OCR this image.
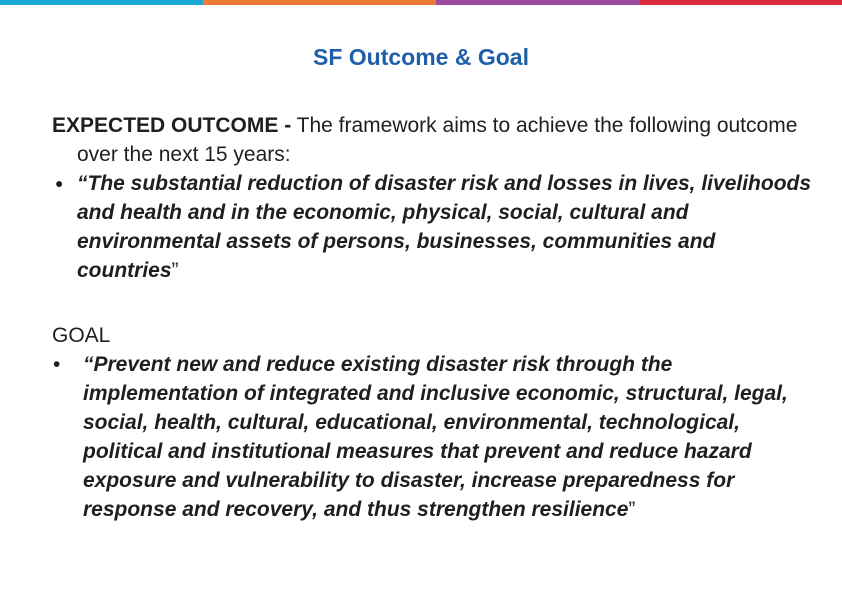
SF Outcome & Goal

EXPECTED OUTCOME - The framework aims to achieve the following outcome over the next 15 years:

● “The substantial reduction of disaster risk and losses in lives, livelihoods and health and in the economic, physical, social, cultural and environmental assets of persons, businesses, communities and countries”

GOAL

• “Prevent new and reduce existing disaster risk through the implementation of integrated and inclusive economic, structural, legal, social, health, cultural, educational, environmental, technological, political and institutional measures that prevent and reduce hazard exposure and vulnerability to disaster, increase preparedness for response and recovery, and thus strengthen resilience”
